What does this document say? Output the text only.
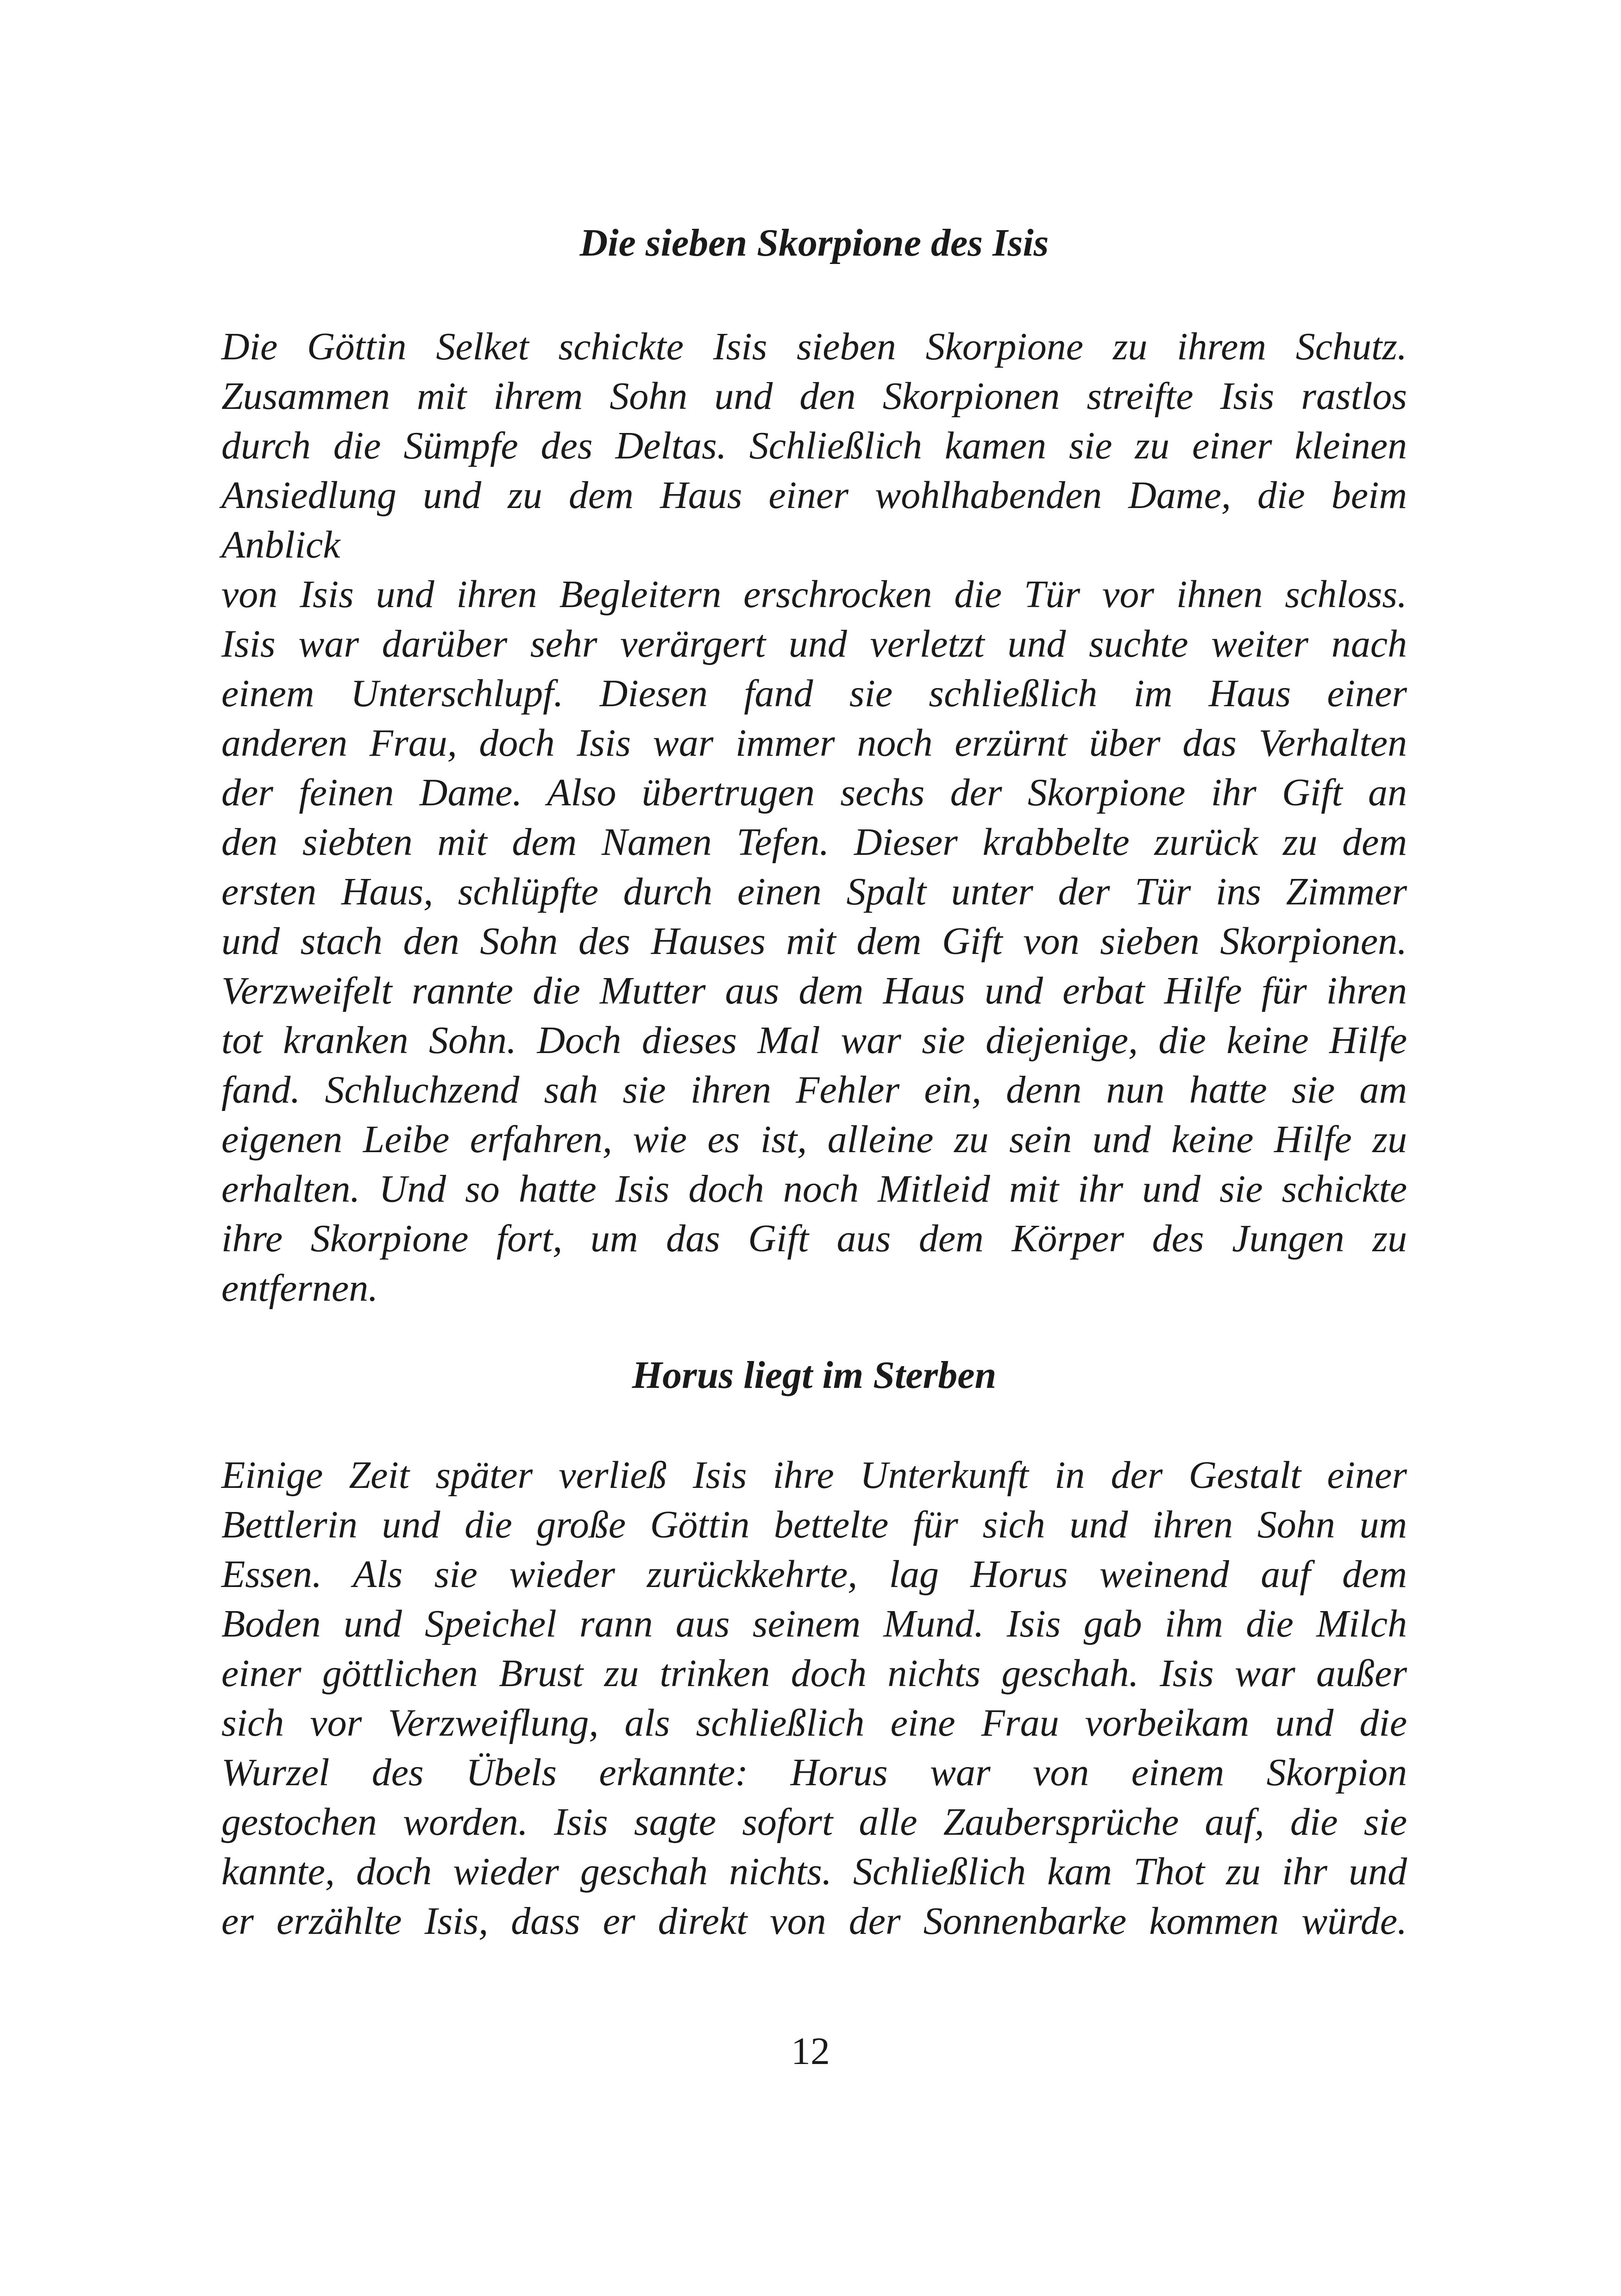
Die sieben Skorpione des Isis
Die Göttin Selket schickte Isis sieben Skorpione zu ihrem Schutz.
Zusammen mit ihrem Sohn und den Skorpionen streifte Isis rastlos
durch die Sümpfe des Deltas. Schließlich kamen sie zu einer kleinen
Ansiedlung und zu dem Haus einer wohlhabenden Dame, die beim
Anblick
von Isis und ihren Begleitern erschrocken die Tür vor ihnen schloss.
Isis war darüber sehr verärgert und verletzt und suchte weiter nach
einem Unterschlupf. Diesen fand sie schließlich im Haus einer
anderen Frau, doch Isis war immer noch erzürnt über das Verhalten
der feinen Dame. Also übertrugen sechs der Skorpione ihr Gift an
den siebten mit dem Namen Tefen. Dieser krabbelte zurück zu dem
ersten Haus, schlüpfte durch einen Spalt unter der Tür ins Zimmer
und stach den Sohn des Hauses mit dem Gift von sieben Skorpionen.
Verzweifelt rannte die Mutter aus dem Haus und erbat Hilfe für ihren
tot kranken Sohn. Doch dieses Mal war sie diejenige, die keine Hilfe
fand. Schluchzend sah sie ihren Fehler ein, denn nun hatte sie am
eigenen Leibe erfahren, wie es ist, alleine zu sein und keine Hilfe zu
erhalten. Und so hatte Isis doch noch Mitleid mit ihr und sie schickte
ihre Skorpione fort, um das Gift aus dem Körper des Jungen zu
entfernen.
Horus liegt im Sterben
Einige Zeit später verließ Isis ihre Unterkunft in der Gestalt einer
Bettlerin und die große Göttin bettelte für sich und ihren Sohn um
Essen. Als sie wieder zurückkehrte, lag Horus weinend auf dem
Boden und Speichel rann aus seinem Mund. Isis gab ihm die Milch
einer göttlichen Brust zu trinken doch nichts geschah. Isis war außer
sich vor Verzweiflung, als schließlich eine Frau vorbeikam und die
Wurzel des Übels erkannte: Horus war von einem Skorpion
gestochen worden. Isis sagte sofort alle Zaubersprüche auf, die sie
kannte, doch wieder geschah nichts. Schließlich kam Thot zu ihr und
er erzählte Isis, dass er direkt von der Sonnenbarke kommen würde.
12
